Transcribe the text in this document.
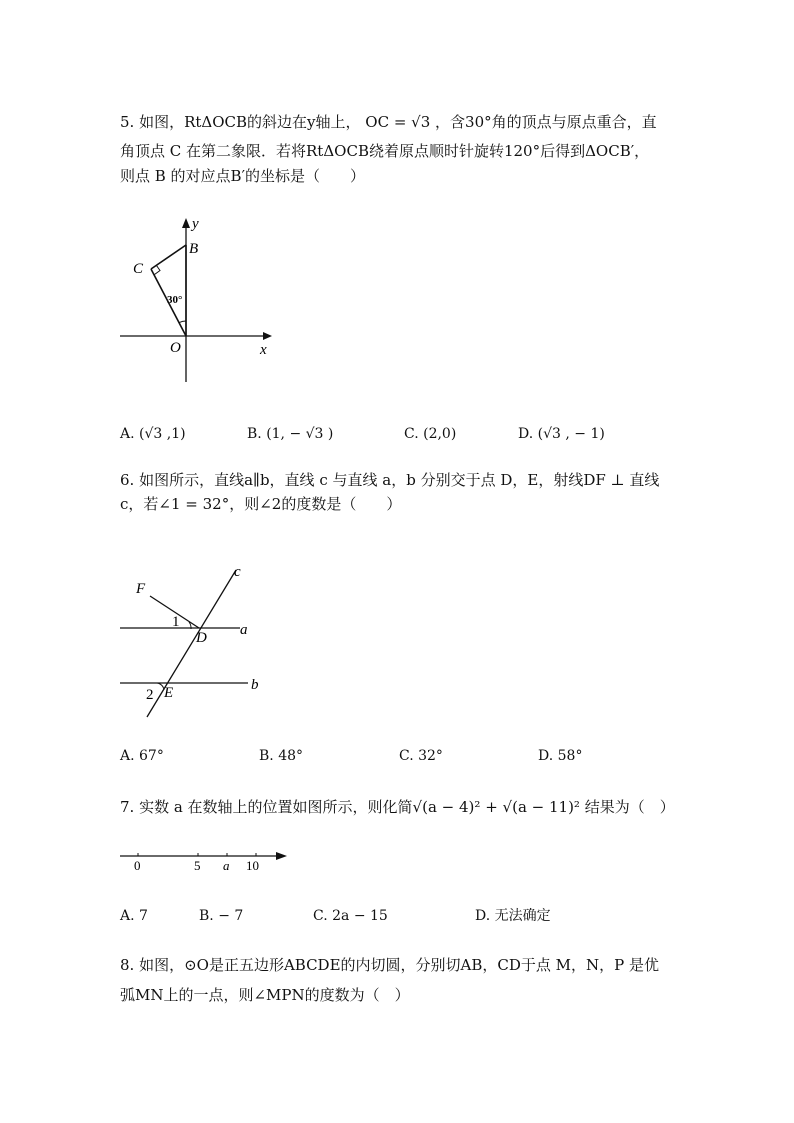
5. 如图，RtΔOCB的斜边在y轴上， OC = √3 ，含30°角的顶点与原点重合，直
角顶点 C 在第二象限．若将RtΔOCB绕着原点顺时针旋转120°后得到ΔOCB′，
则点 B 的对应点B′的坐标是（　　）
y
B
C
30°
O	x
A. (√3 ,1)	B. (1, − √3 )	C. (2,0)	D. (√3 , − 1)
6. 如图所示，直线a∥b，直线 c 与直线 a，b 分别交于点 D，E，射线DF ⊥ 直线
c，若∠1 = 32°，则∠2的度数是（　　）
c
F
1
D a
2 E	b
A. 67°	B. 48°	C. 32°	D. 58°
7. 实数 a 在数轴上的位置如图所示，则化简√(a − 4)² + √(a − 11)² 结果为（　）
0	5 a 10
A. 7	B. − 7	C. 2a − 15	D. 无法确定
8. 如图，⊙O是正五边形ABCDE的内切圆，分别切AB，CD于点 M，N，P 是优
弧MN上的一点，则∠MPN的度数为（　）
